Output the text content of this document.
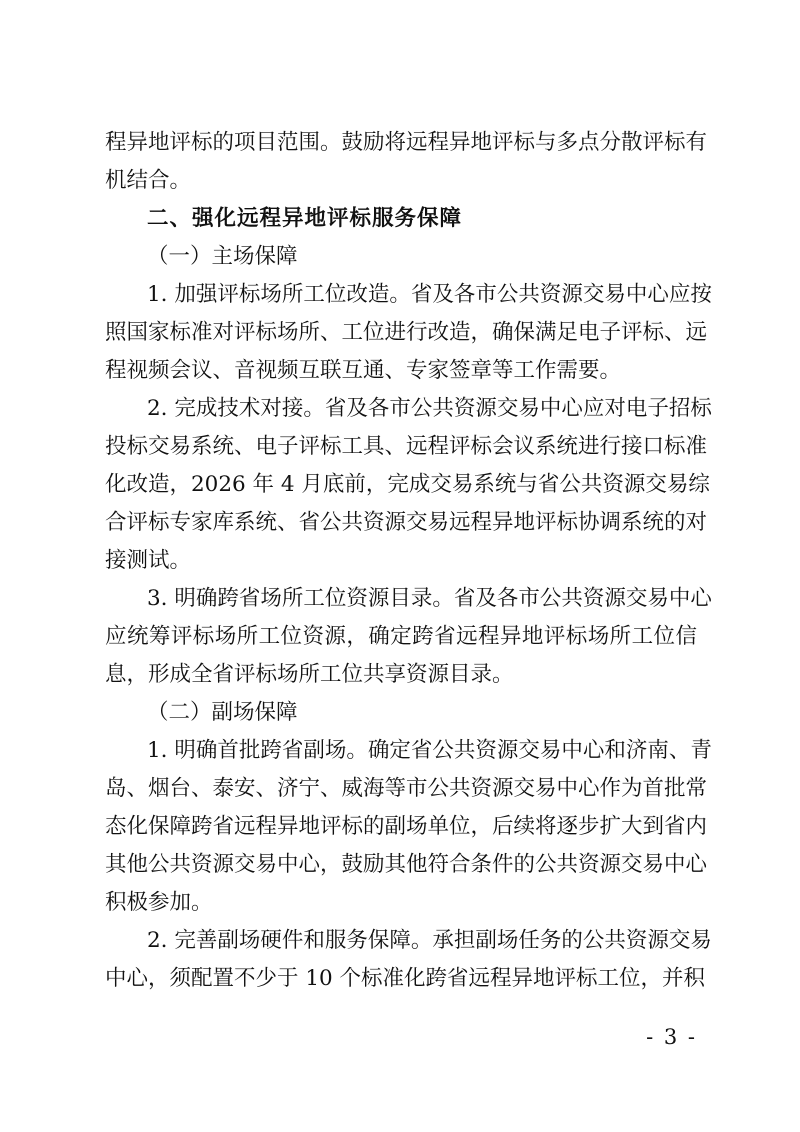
程异地评标的项目范围。鼓励将远程异地评标与多点分散评标有
机结合。
二、强化远程异地评标服务保障
（一）主场保障
1. 加强评标场所工位改造。省及各市公共资源交易中心应按
照国家标准对评标场所、工位进行改造，确保满足电子评标、远
程视频会议、音视频互联互通、专家签章等工作需要。
2. 完成技术对接。省及各市公共资源交易中心应对电子招标
投标交易系统、电子评标工具、远程评标会议系统进行接口标准
化改造，2026 年 4 月底前，完成交易系统与省公共资源交易综
合评标专家库系统、省公共资源交易远程异地评标协调系统的对
接测试。
3. 明确跨省场所工位资源目录。省及各市公共资源交易中心
应统筹评标场所工位资源，确定跨省远程异地评标场所工位信
息，形成全省评标场所工位共享资源目录。
（二）副场保障
1. 明确首批跨省副场。确定省公共资源交易中心和济南、青
岛、烟台、泰安、济宁、威海等市公共资源交易中心作为首批常
态化保障跨省远程异地评标的副场单位，后续将逐步扩大到省内
其他公共资源交易中心，鼓励其他符合条件的公共资源交易中心
积极参加。
2. 完善副场硬件和服务保障。承担副场任务的公共资源交易
中心，须配置不少于 10 个标准化跨省远程异地评标工位，并积
- 3 -
